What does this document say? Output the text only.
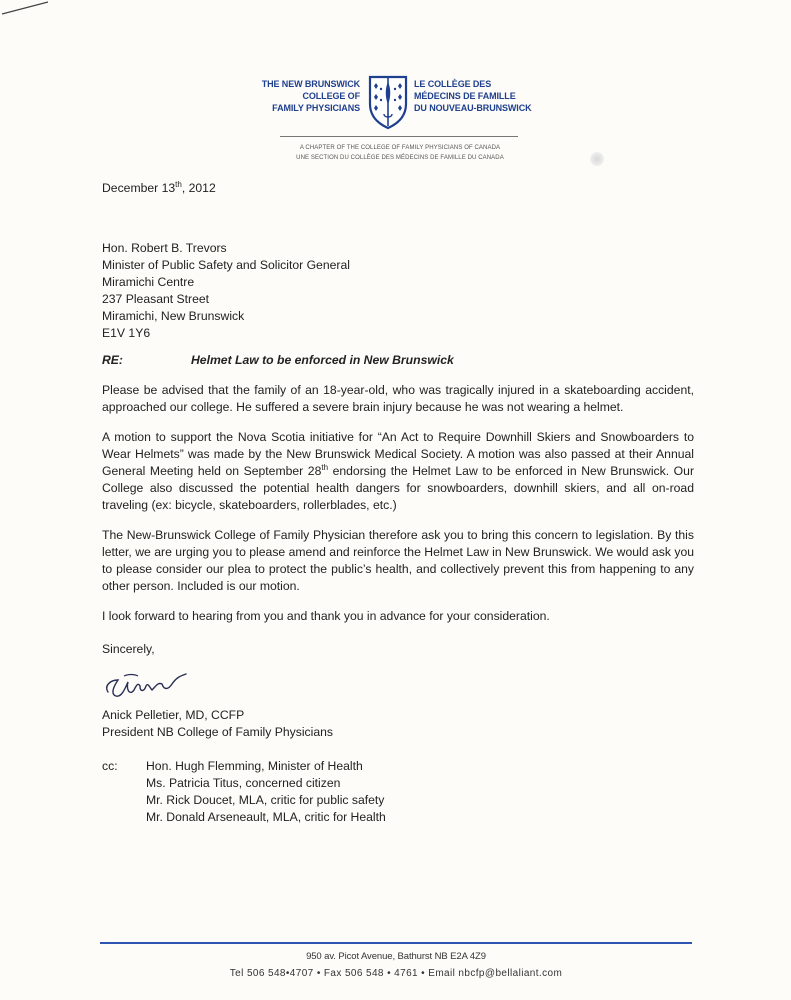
THE NEW BRUNSWICK
COLLEGE OF
FAMILY PHYSICIANS
LE COLLÈGE DES
MÉDECINS DE FAMILLE
DU NOUVEAU-BRUNSWICK
A CHAPTER OF THE COLLEGE OF FAMILY PHYSICIANS OF CANADA
UNE SECTION DU COLLÈGE DES MÉDECINS DE FAMILLE DU CANADA
December 13th, 2012
Hon. Robert B. Trevors
Minister of Public Safety and Solicitor General
Miramichi Centre
237 Pleasant Street
Miramichi, New Brunswick
E1V 1Y6
RE:	Helmet Law to be enforced in New Brunswick

Please be advised that the family of an 18-year-old, who was tragically injured in a skateboarding accident, approached our college. He suffered a severe brain injury because he was not wearing a helmet.

A motion to support the Nova Scotia initiative for “An Act to Require Downhill Skiers and Snowboarders to Wear Helmets” was made by the New Brunswick Medical Society. A motion was also passed at their Annual General Meeting held on September 28th endorsing the Helmet Law to be enforced in New Brunswick. Our College also discussed the potential health dangers for snowboarders, downhill skiers, and all on-road traveling (ex: bicycle, skateboarders, rollerblades, etc.)

The New-Brunswick College of Family Physician therefore ask you to bring this concern to legislation. By this letter, we are urging you to please amend and reinforce the Helmet Law in New Brunswick. We would ask you to please consider our plea to protect the public’s health, and collectively prevent this from happening to any other person. Included is our motion.

I look forward to hearing from you and thank you in advance for your consideration.

Sincerely,
Anick Pelletier, MD, CCFP
President NB College of Family Physicians
cc:	Hon. Hugh Flemming, Minister of Health
Ms. Patricia Titus, concerned citizen
Mr. Rick Doucet, MLA, critic for public safety
Mr. Donald Arseneault, MLA, critic for Health
950 av. Picot Avenue, Bathurst NB E2A 4Z9
Tel 506 548•4707 • Fax 506 548 • 4761 • Email nbcfp@bellaliant.com
